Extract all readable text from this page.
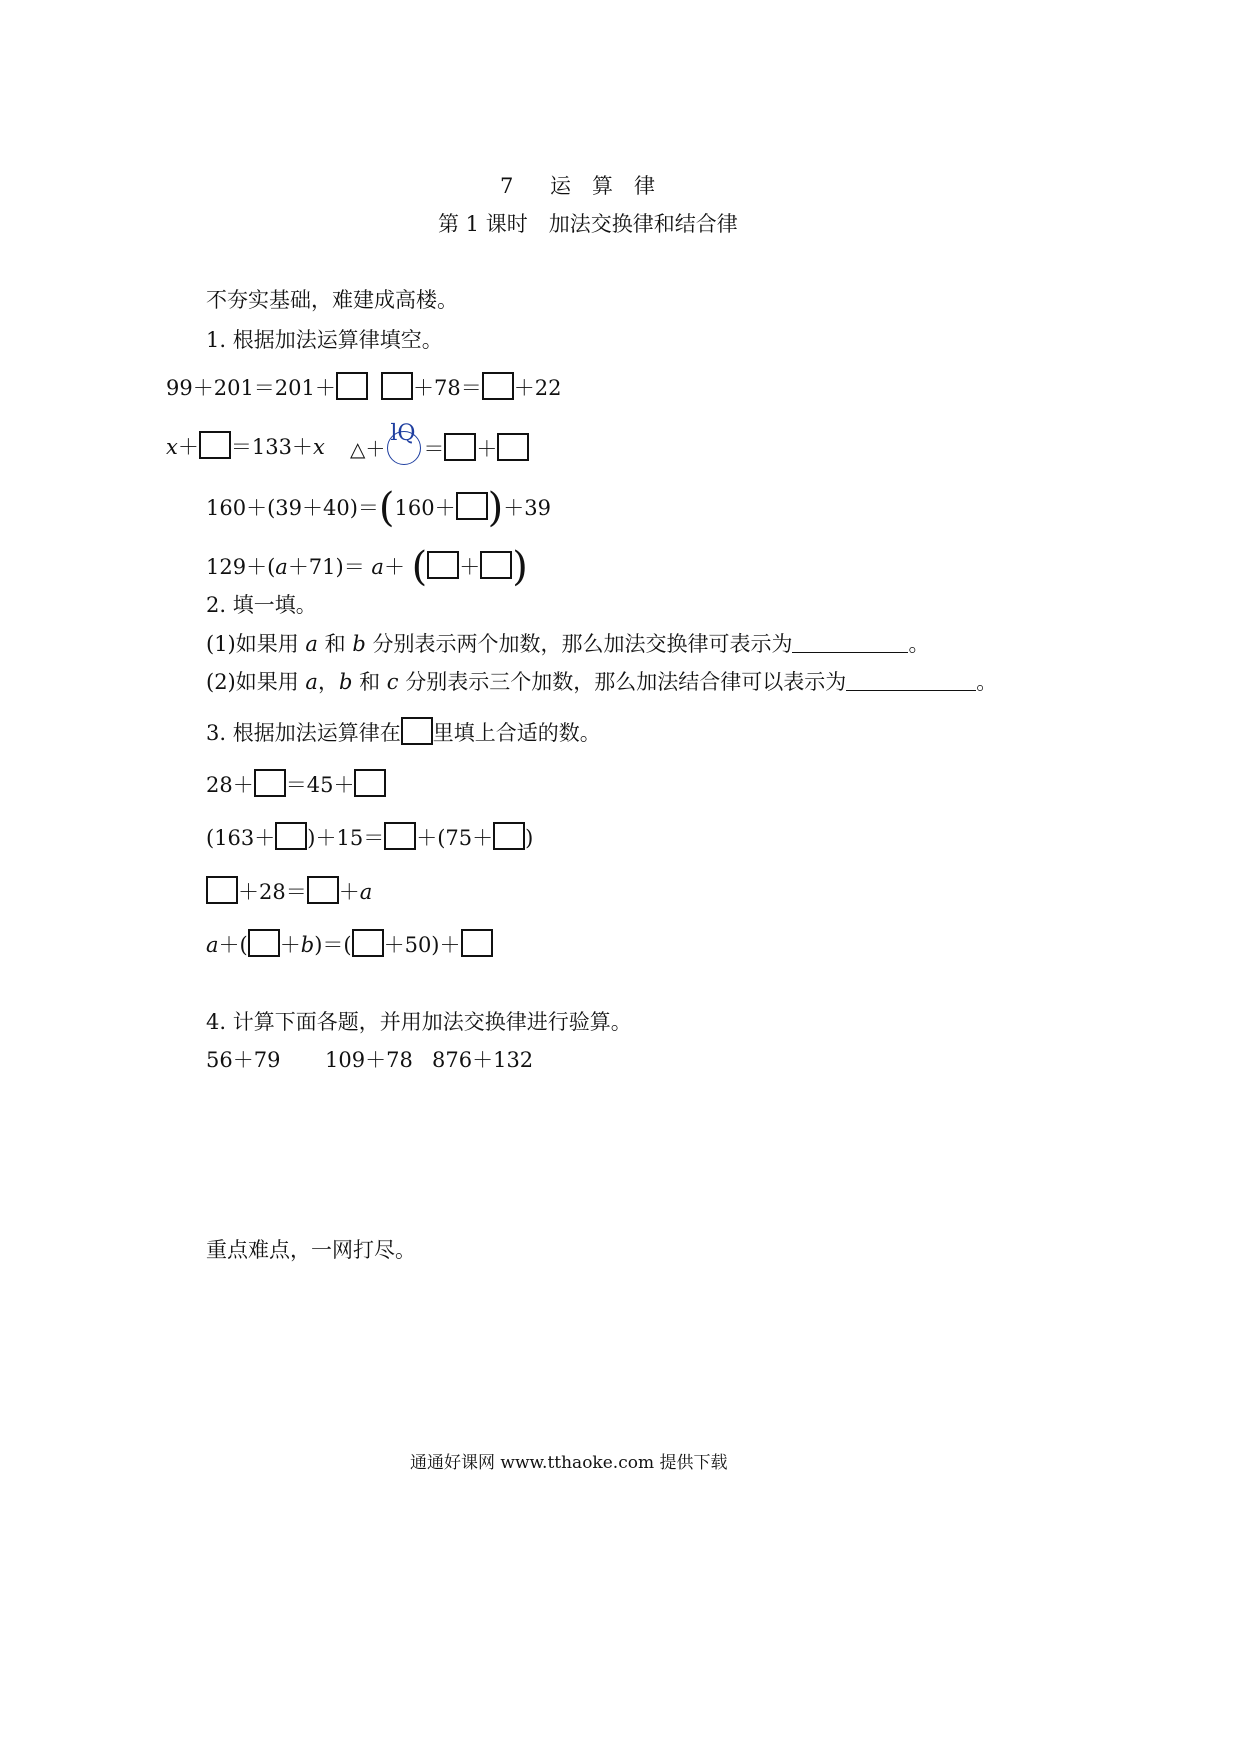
7 运　算　律
第 1 课时　加法交换律和结合律
不夯实基础，难建成高楼。
1. 根据加法运算律填空。
99＋201＝201＋	＋78＝ ＋22
x＋ ＝133＋x △＋
lQ
＝ ＋
160＋(39＋40)＝(160＋ )＋39
129＋(a＋71)＝ a＋ ( ＋ )
2. 填一填。
(1)如果用 a 和 b 分别表示两个加数，那么加法交换律可表示为	。
(2)如果用 a，b 和 c 分别表示三个加数，那么加法结合律可以表示为	。
3. 根据加法运算律在 里填上合适的数。
28＋ ＝45＋
(163＋ )＋15＝ ＋(75＋ )
＋28＝ ＋a
a＋( ＋b)＝( ＋50)＋
4. 计算下面各题，并用加法交换律进行验算。
56＋79 109＋78 876＋132
重点难点，一网打尽。
通通好课网 www.tthaoke.com 提供下载
